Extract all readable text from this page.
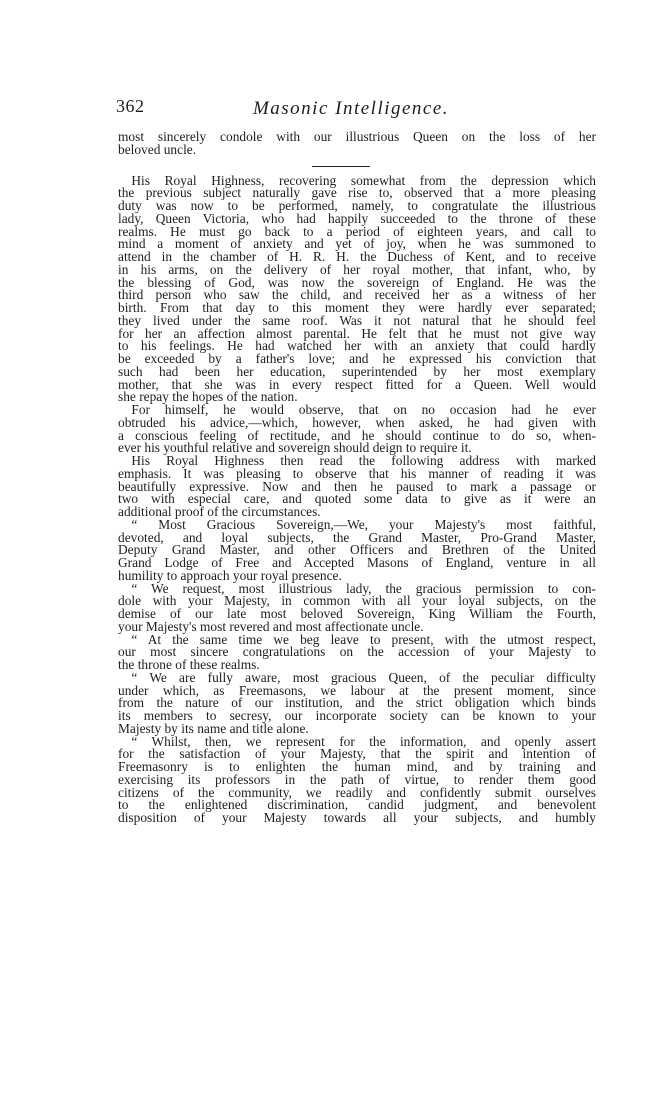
362	Masonic Intelligence.
most sincerely condole with our illustrious Queen on the loss of her
beloved uncle.
 His Royal Highness, recovering somewhat from the depression which
the previous subject naturally gave rise to, observed that a more pleasing
duty was now to be performed, namely, to congratulate the illustrious
lady, Queen Victoria, who had happily succeeded to the throne of these
realms. He must go back to a period of eighteen years, and call to
mind a moment of anxiety and yet of joy, when he was summoned to
attend in the chamber of H. R. H. the Duchess of Kent, and to receive
in his arms, on the delivery of her royal mother, that infant, who, by
the blessing of God, was now the sovereign of England. He was the
third person who saw the child, and received her as a witness of her
birth. From that day to this moment they were hardly ever separated;
they lived under the same roof. Was it not natural that he should feel
for her an affection almost parental. He felt that he must not give way
to his feelings. He had watched her with an anxiety that could hardly
be exceeded by a father's love; and he expressed his conviction that
such had been her education, superintended by her most exemplary
mother, that she was in every respect fitted for a Queen. Well would
she repay the hopes of the nation.
 For himself, he would observe, that on no occasion had he ever
obtruded his advice,—which, however, when asked, he had given with
a conscious feeling of rectitude, and he should continue to do so, when-
ever his youthful relative and sovereign should deign to require it.
 His Royal Highness then read the following address with marked
emphasis. It was pleasing to observe that his manner of reading it was
beautifully expressive. Now and then he paused to mark a passage or
two with especial care, and quoted some data to give as it were an
additional proof of the circumstances.
 “ Most Gracious Sovereign,—We, your Majesty's most faithful,
devoted, and loyal subjects, the Grand Master, Pro-Grand Master,
Deputy Grand Master, and other Officers and Brethren of the United
Grand Lodge of Free and Accepted Masons of England, venture in all
humility to approach your royal presence.
 “ We request, most illustrious lady, the gracious permission to con-
dole with your Majesty, in common with all your loyal subjects, on the
demise of our late most beloved Sovereign, King William the Fourth,
your Majesty's most revered and most affectionate uncle.
 “ At the same time we beg leave to present, with the utmost respect,
our most sincere congratulations on the accession of your Majesty to
the throne of these realms.
 “ We are fully aware, most gracious Queen, of the peculiar difficulty
under which, as Freemasons, we labour at the present moment, since
from the nature of our institution, and the strict obligation which binds
its members to secresy, our incorporate society can be known to your
Majesty by its name and title alone.
 “ Whilst, then, we represent for the information, and openly assert
for the satisfaction of your Majesty, that the spirit and intention of
Freemasonry is to enlighten the human mind, and by training and
exercising its professors in the path of virtue, to render them good
citizens of the community, we readily and confidently submit ourselves
to the enlightened discrimination, candid judgment, and benevolent
disposition of your Majesty towards all your subjects, and humbly
